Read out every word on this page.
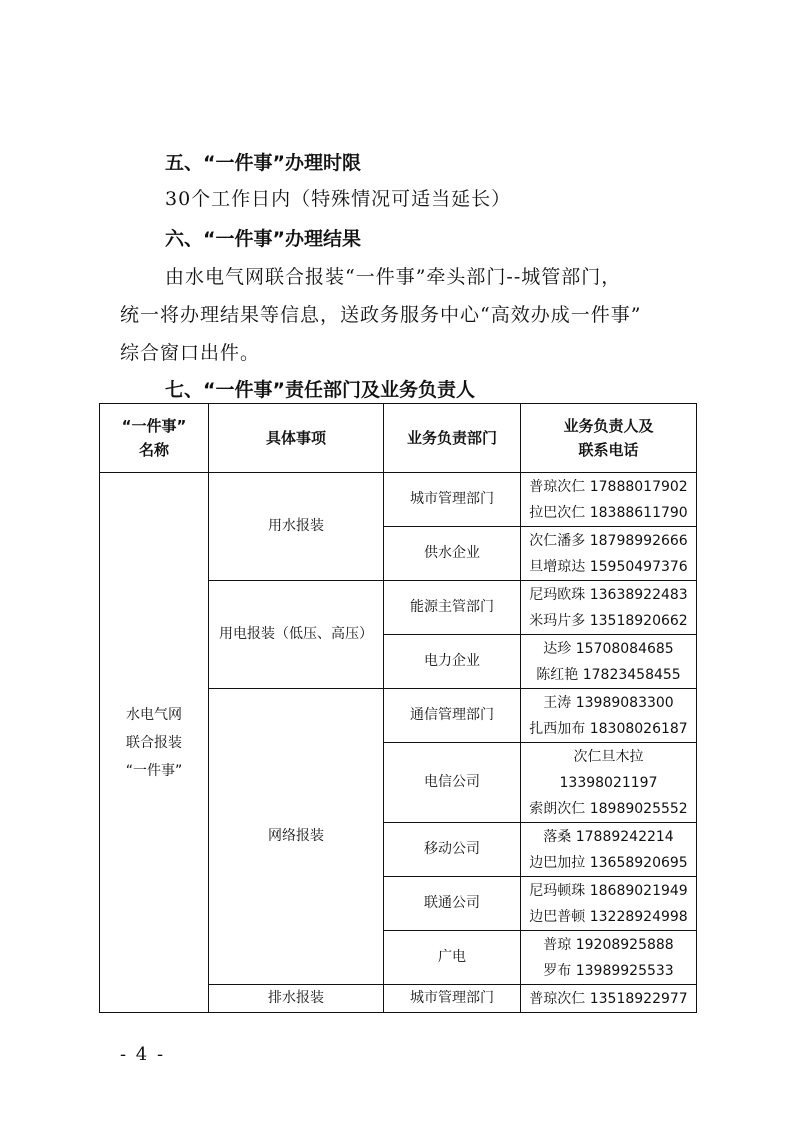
五、“一件事”办理时限
30个工作日内（特殊情况可适当延长）
六、“一件事”办理结果
由水电气网联合报装“一件事”牵头部门--城管部门，
统一将办理结果等信息，送政务服务中心“高效办成一件事”
综合窗口出件。
七、“一件事”责任部门及业务负责人
“一件事”
名称	具体事项	业务负责部门	业务负责人及
联系电话

水电气网
联合报装
“一件事”	用水报装	城市管理部门	普琼次仁 17888017902
拉巴次仁 18388611790

		供水企业	次仁潘多 18798992666
旦增琼达 15950497376

	用电报装（低压、高压）	能源主管部门	尼玛欧珠 13638922483
米玛片多 13518920662

		电力企业	达珍 15708084685
陈红艳 17823458455

	网络报装	通信管理部门	王涛 13989083300
扎西加布 18308026187

		电信公司	次仁旦木拉
13398021197
索朗次仁 18989025552

		移动公司	落桑 17889242214
边巴加拉 13658920695

		联通公司	尼玛顿珠 18689021949
边巴普顿 13228924998

		广电	普琼 19208925888
罗布 13989925533

	排水报装	城市管理部门	普琼次仁 13518922977
- 4 -
